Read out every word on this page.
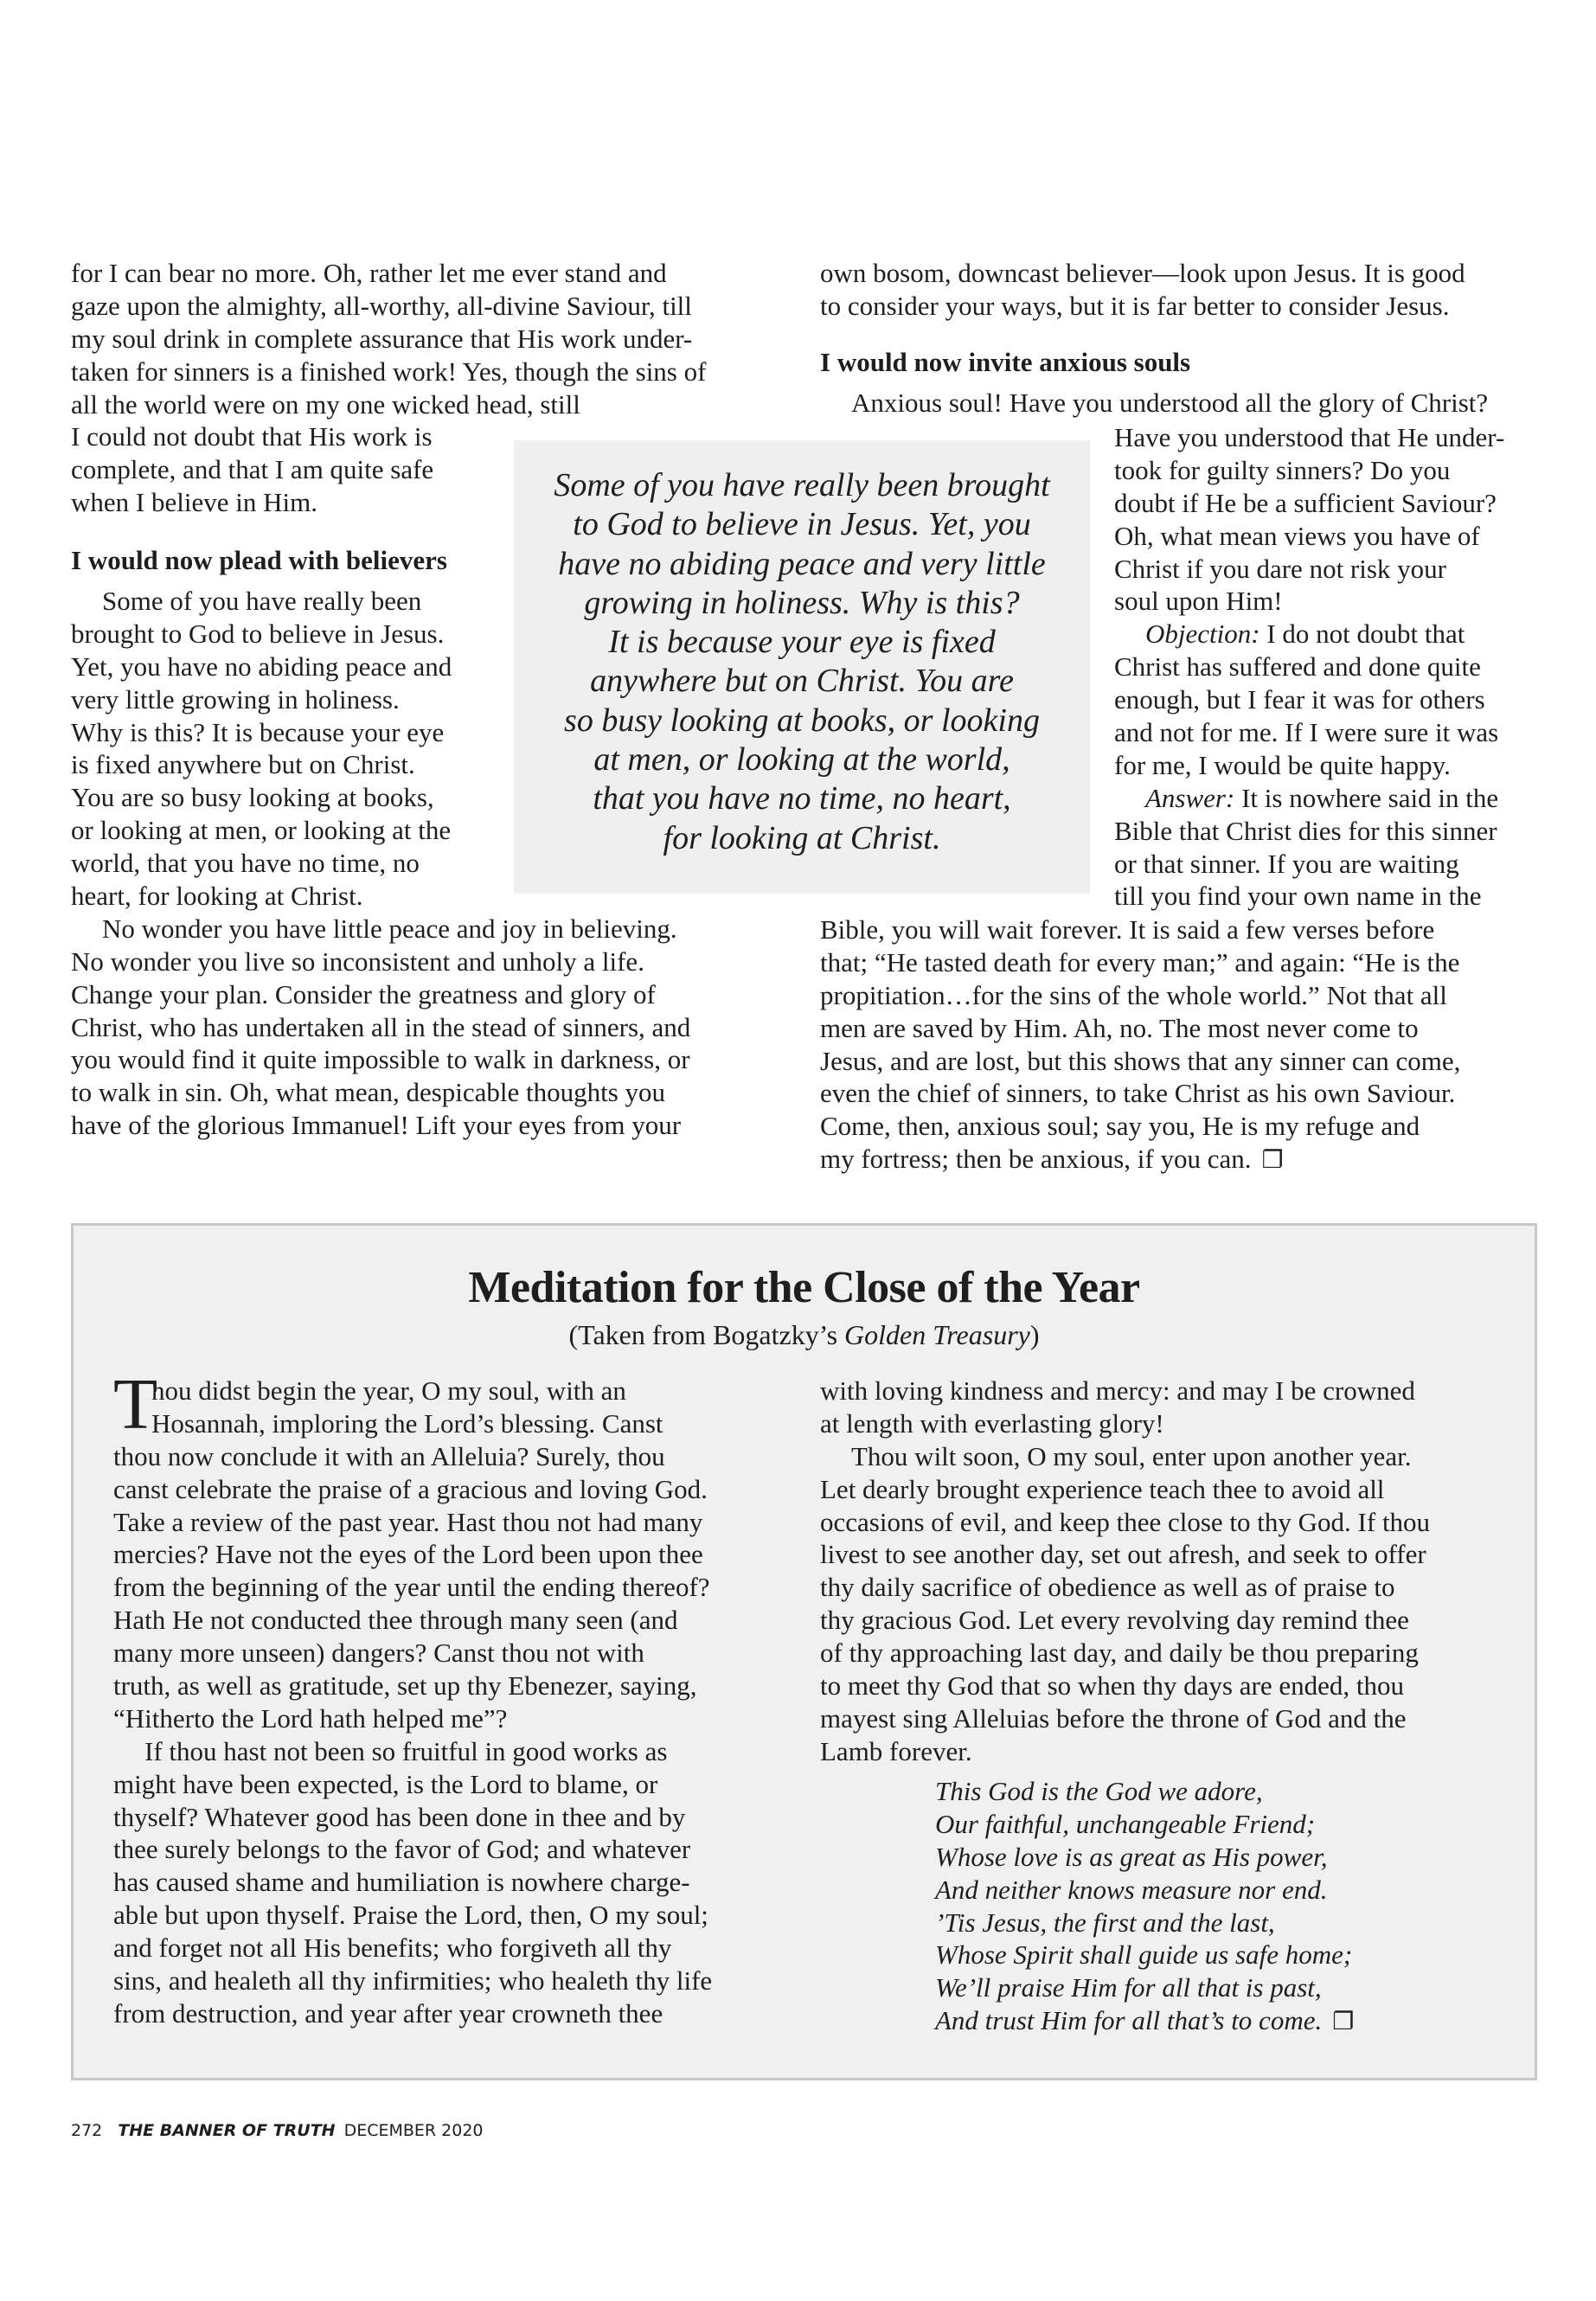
for I can bear no more. Oh, rather let me ever stand and
gaze upon the almighty, all-worthy, all-divine Saviour, till
my soul drink in complete assurance that His work under-
taken for sinners is a finished work! Yes, though the sins of
all the world were on my one wicked head, still
I could not doubt that His work is
complete, and that I am quite safe
when I believe in Him.
I would now plead with believers
Some of you have really been
brought to God to believe in Jesus.
Yet, you have no abiding peace and
very little growing in holiness.
Why is this? It is because your eye
is fixed anywhere but on Christ.
You are so busy looking at books,
or looking at men, or looking at the
world, that you have no time, no
heart, for looking at Christ.
No wonder you have little peace and joy in believing.
No wonder you live so inconsistent and unholy a life.
Change your plan. Consider the greatness and glory of
Christ, who has undertaken all in the stead of sinners, and
you would find it quite impossible to walk in darkness, or
to walk in sin. Oh, what mean, despicable thoughts you
have of the glorious Immanuel! Lift your eyes from your
own bosom, downcast believer—look upon Jesus. It is good
to consider your ways, but it is far better to consider Jesus.
I would now invite anxious souls
Anxious soul! Have you understood all the glory of Christ?
Have you understood that He under-
took for guilty sinners? Do you
doubt if He be a sufficient Saviour?
Oh, what mean views you have of
Christ if you dare not risk your
soul upon Him!
Objection: I do not doubt that
Christ has suffered and done quite
enough, but I fear it was for others
and not for me. If I were sure it was
for me, I would be quite happy.
Answer: It is nowhere said in the
Bible that Christ dies for this sinner
or that sinner. If you are waiting
till you find your own name in the
Bible, you will wait forever. It is said a few verses before
that; “He tasted death for every man;” and again: “He is the
propitiation…for the sins of the whole world.” Not that all
men are saved by Him. Ah, no. The most never come to
Jesus, and are lost, but this shows that any sinner can come,
even the chief of sinners, to take Christ as his own Saviour.
Come, then, anxious soul; say you, He is my refuge and
my fortress; then be anxious, if you can. ❐
Some of you have really been brought
to God to believe in Jesus. Yet, you
have no abiding peace and very little
growing in holiness. Why is this?
It is because your eye is fixed
anywhere but on Christ. You are
so busy looking at books, or looking
at men, or looking at the world,
that you have no time, no heart,
for looking at Christ.
Meditation for the Close of the Year
(Taken from Bogatzky’s Golden Treasury)
T
hou didst begin the year, O my soul, with an
Hosannah, imploring the Lord’s blessing. Canst
thou now conclude it with an Alleluia? Surely, thou
canst celebrate the praise of a gracious and loving God.
Take a review of the past year. Hast thou not had many
mercies? Have not the eyes of the Lord been upon thee
from the beginning of the year until the ending thereof?
Hath He not conducted thee through many seen (and
many more unseen) dangers? Canst thou not with
truth, as well as gratitude, set up thy Ebenezer, saying,
“Hitherto the Lord hath helped me”?
If thou hast not been so fruitful in good works as
might have been expected, is the Lord to blame, or
thyself? Whatever good has been done in thee and by
thee surely belongs to the favor of God; and whatever
has caused shame and humiliation is nowhere charge-
able but upon thyself. Praise the Lord, then, O my soul;
and forget not all His benefits; who forgiveth all thy
sins, and healeth all thy infirmities; who healeth thy life
from destruction, and year after year crowneth thee
with loving kindness and mercy: and may I be crowned
at length with everlasting glory!
Thou wilt soon, O my soul, enter upon another year.
Let dearly brought experience teach thee to avoid all
occasions of evil, and keep thee close to thy God. If thou
livest to see another day, set out afresh, and seek to offer
thy daily sacrifice of obedience as well as of praise to
thy gracious God. Let every revolving day remind thee
of thy approaching last day, and daily be thou preparing
to meet thy God that so when thy days are ended, thou
mayest sing Alleluias before the throne of God and the
Lamb forever.
This God is the God we adore,
Our faithful, unchangeable Friend;
Whose love is as great as His power,
And neither knows measure nor end.
’Tis Jesus, the first and the last,
Whose Spirit shall guide us safe home;
We’ll praise Him for all that is past,
And trust Him for all that’s to come. ❐
272 THE BANNER OF TRUTH DECEMBER 2020
